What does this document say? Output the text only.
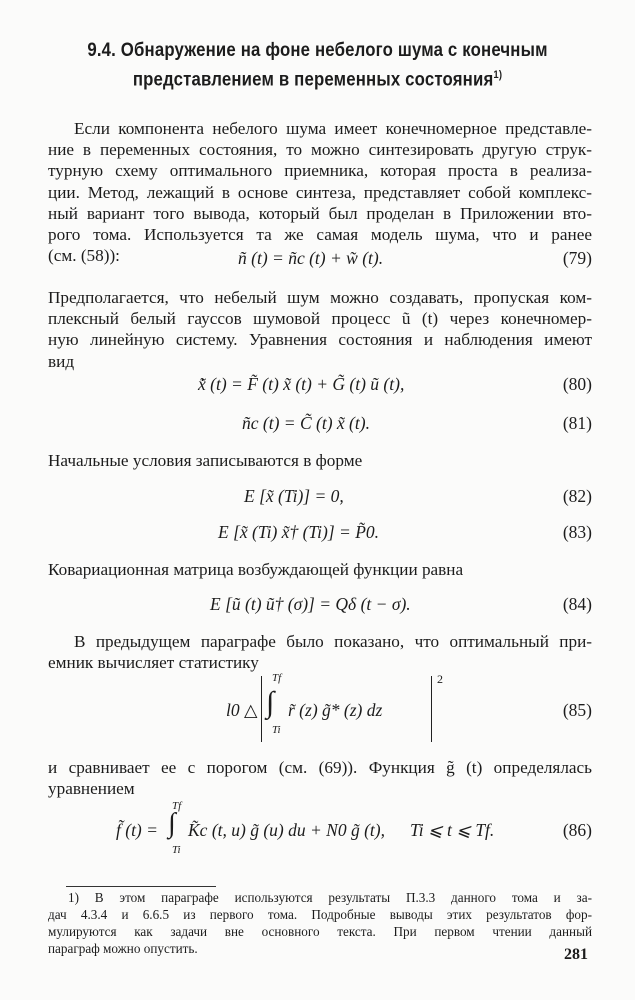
9.4. Обнаружение на фоне небелого шума с конечным
представлением в переменных состояния$^{1)}$
Если компонента небелого шума имеет конечномерное представле-
ние в переменных состояния, то можно синтезировать другую струк-
турную схему оптимального приемника, которая проста в реализа-
ции. Метод, лежащий в основе синтеза, представляет собой комплекс-
ный вариант того вывода, который был проделан в Приложении вто-
рого тома. Используется та же самая модель шума, что и ранее
(см. (58)):	ñ (t) = ñc (t) + w̃ (t).	(79)
Предполагается, что небелый шум можно создавать, пропуская ком-
плексный белый гауссов шумовой процесс ũ (t) через конечномер-
ную линейную систему. Уравнения состояния и наблюдения имеют
вид
x̃̇ (t) = F̃ (t) x̃ (t) + G̃ (t) ũ (t),	(80)
ñc (t) = C̃ (t) x̃ (t).	(81)
Начальные условия записываются в форме
E [x̃ (Ti)] = 0,	(82)
E [x̃ (Ti) x̃† (Ti)] = P̃0.	(83)
Ковариационная матрица возбуждающей функции равна
E [ũ (t) ũ† (σ)] = Qδ (t − σ).	(84)
В предыдущем параграфе было показано, что оптимальный при-
емник вычисляет статистику
l0 △
Tf
∫
Ti
r̃ (z) g̃* (z) dz
2
(85)
и сравнивает ее с порогом (см. (69)). Функция g̃ (t) определялась
уравнением
f̃ (t) =
Tf
∫
Ti
K̃c (t, u) g̃ (u) du + N0 g̃ (t), Ti ⩽ t ⩽ Tf.	(86)
1) В этом параграфе используются результаты П.3.3 данного тома и за-
дач 4.3.4 и 6.6.5 из первого тома. Подробные выводы этих результатов фор-
мулируются как задачи вне основного текста. При первом чтении данный
параграф можно опустить.	281
